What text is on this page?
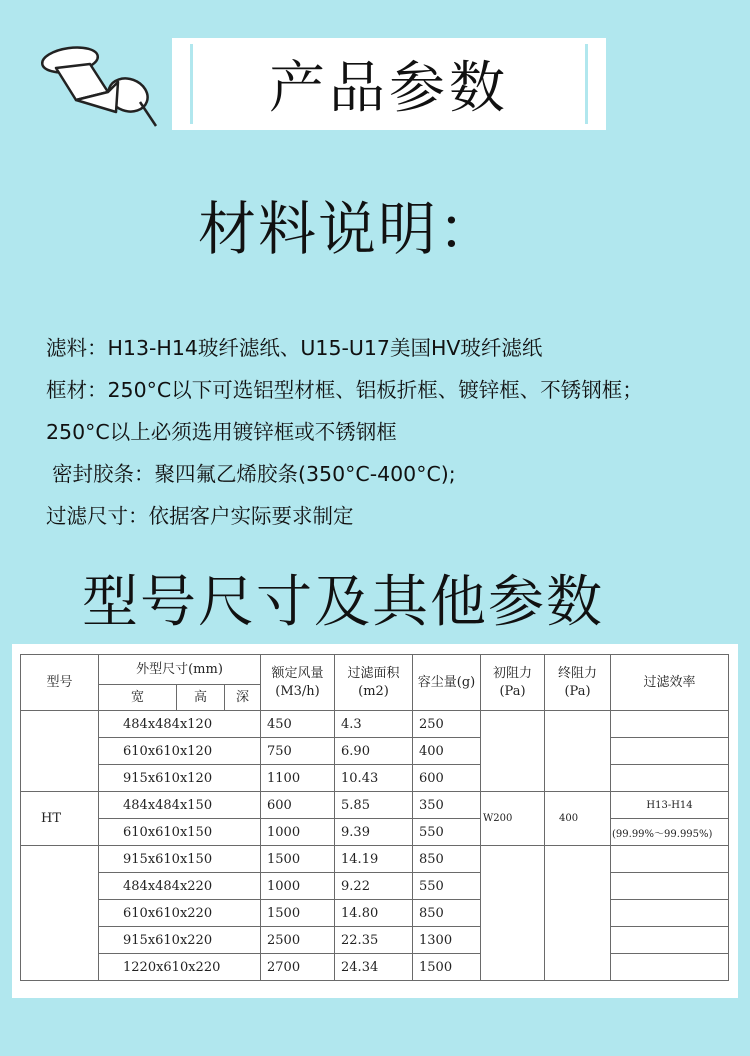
产品参数
材料说明：
滤料：H13-H14玻纤滤纸、U15-U17美国HV玻纤滤纸
框材：250°C以下可选铝型材框、铝板折框、镀锌框、不锈钢框；
250°C以上必须选用镀锌框或不锈钢框
密封胶条：聚四氟乙烯胶条(350°C-400°C);
过滤尺寸：依据客户实际要求制定
型号尺寸及其他参数
型号	外型尺寸(mm)			额定风量(M3/h)	过滤面积(m2)	容尘量(g)	初阻力(Pa)	终阻力(Pa)	过滤效率
	宽	高	深						
	484x484x120			450	4.3	250			
	610x610x120			750	6.90	400			
	915x610x120			1100	10.43	600			
HT	484x484x150			600	5.85	350	W200	400	H13-H14
	610x610x150			1000	9.39	550			(99.99%～99.995%)
	915x610x150			1500	14.19	850			
	484x484x220			1000	9.22	550			
	610x610x220			1500	14.80	850			
	915x610x220			2500	22.35	1300			
	1220x610x220			2700	24.34	1500			
